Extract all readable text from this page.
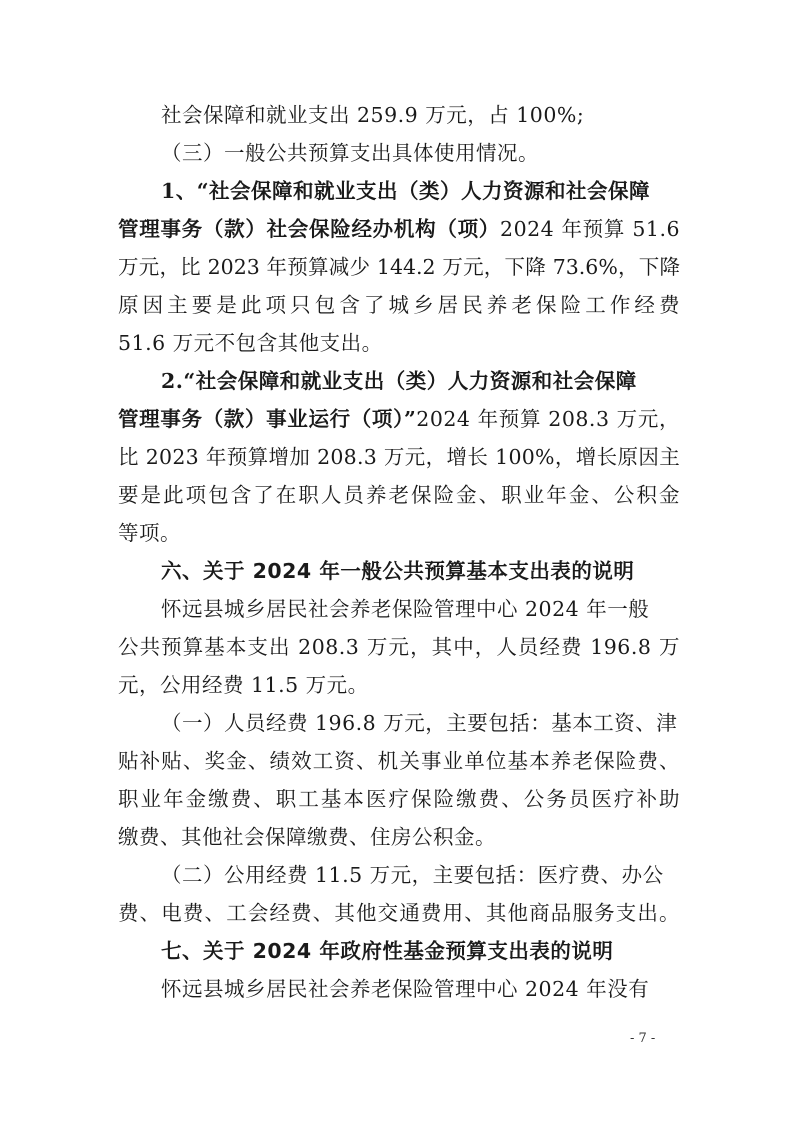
社会保障和就业支出 259.9 万元，占 100%;
（三）一般公共预算支出具体使用情况。
1、“社会保障和就业支出（类）人力资源和社会保障
管理事务（款）社会保险经办机构（项）2024 年预算 51.6
万元，比 2023 年预算减少 144.2 万元，下降 73.6%，下降
原因主要是此项只包含了城乡居民养老保险工作经费
51.6 万元不包含其他支出。
2.“社会保障和就业支出（类）人力资源和社会保障
管理事务（款）事业运行（项）”2024 年预算 208.3 万元，
比 2023 年预算增加 208.3 万元，增长 100%，增长原因主
要是此项包含了在职人员养老保险金、职业年金、公积金
等项。
六、关于 2024 年一般公共预算基本支出表的说明
怀远县城乡居民社会养老保险管理中心 2024 年一般
公共预算基本支出 208.3 万元，其中，人员经费 196.8 万
元，公用经费 11.5 万元。
（一）人员经费 196.8 万元，主要包括：基本工资、津
贴补贴、奖金、绩效工资、机关事业单位基本养老保险费、
职业年金缴费、职工基本医疗保险缴费、公务员医疗补助
缴费、其他社会保障缴费、住房公积金。
（二）公用经费 11.5 万元，主要包括：医疗费、办公
费、电费、工会经费、其他交通费用、其他商品服务支出。
七、关于 2024 年政府性基金预算支出表的说明
怀远县城乡居民社会养老保险管理中心 2024 年没有
- 7 -
